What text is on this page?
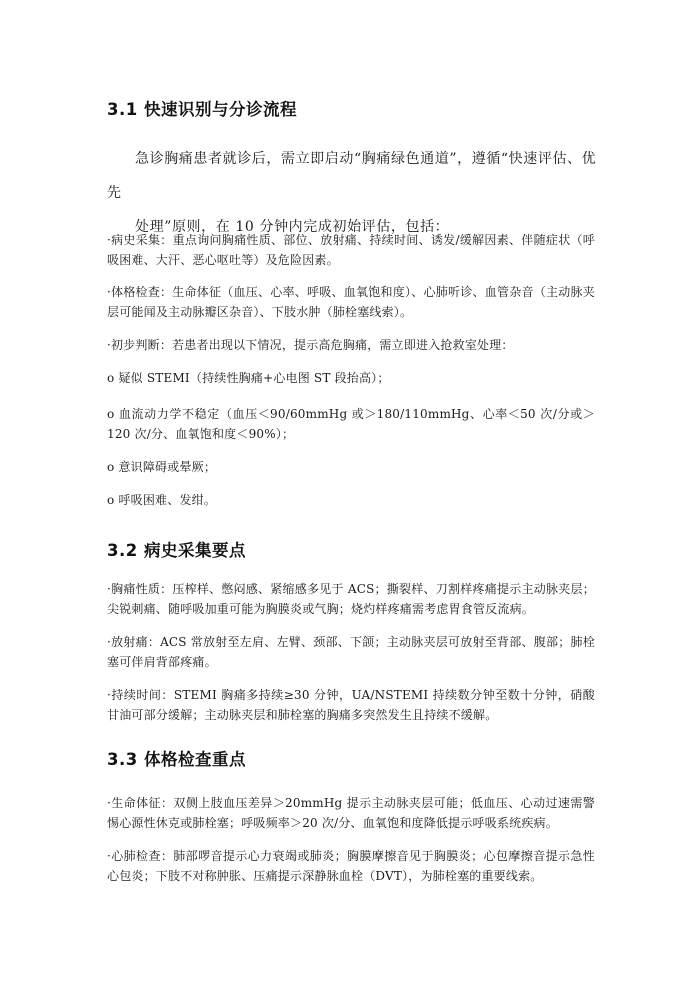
3.1 快速识别与分诊流程
急诊胸痛患者就诊后，需立即启动“胸痛绿色通道”，遵循“快速评估、优先
处理”原则，在 10 分钟内完成初始评估，包括：
·病史采集：重点询问胸痛性质、部位、放射痛、持续时间、诱发/缓解因素、伴随症状（呼吸困难、大汗、恶心呕吐等）及危险因素。
·体格检查：生命体征（血压、心率、呼吸、血氧饱和度）、心肺听诊、血管杂音（主动脉夹层可能闻及主动脉瓣区杂音）、下肢水肿（肺栓塞线索）。
·初步判断：若患者出现以下情况，提示高危胸痛，需立即进入抢救室处理：
o 疑似 STEMI（持续性胸痛+心电图 ST 段抬高）；
o 血流动力学不稳定（血压＜90/60mmHg 或＞180/110mmHg、心率＜50 次/分或＞120 次/分、血氧饱和度＜90%）；
o 意识障碍或晕厥；
o 呼吸困难、发绀。
3.2 病史采集要点
·胸痛性质：压榨样、憋闷感、紧缩感多见于 ACS；撕裂样、刀割样疼痛提示主动脉夹层；尖锐刺痛、随呼吸加重可能为胸膜炎或气胸；烧灼样疼痛需考虑胃食管反流病。
·放射痛：ACS 常放射至左肩、左臂、颈部、下颌；主动脉夹层可放射至背部、腹部；肺栓塞可伴肩背部疼痛。
·持续时间：STEMI 胸痛多持续≥30 分钟，UA/NSTEMI 持续数分钟至数十分钟，硝酸甘油可部分缓解；主动脉夹层和肺栓塞的胸痛多突然发生且持续不缓解。
3.3 体格检查重点
·生命体征：双侧上肢血压差异＞20mmHg 提示主动脉夹层可能；低血压、心动过速需警惕心源性休克或肺栓塞；呼吸频率＞20 次/分、血氧饱和度降低提示呼吸系统疾病。
·心肺检查：肺部啰音提示心力衰竭或肺炎；胸膜摩擦音见于胸膜炎；心包摩擦音提示急性心包炎；下肢不对称肿胀、压痛提示深静脉血栓（DVT），为肺栓塞的重要线索。
